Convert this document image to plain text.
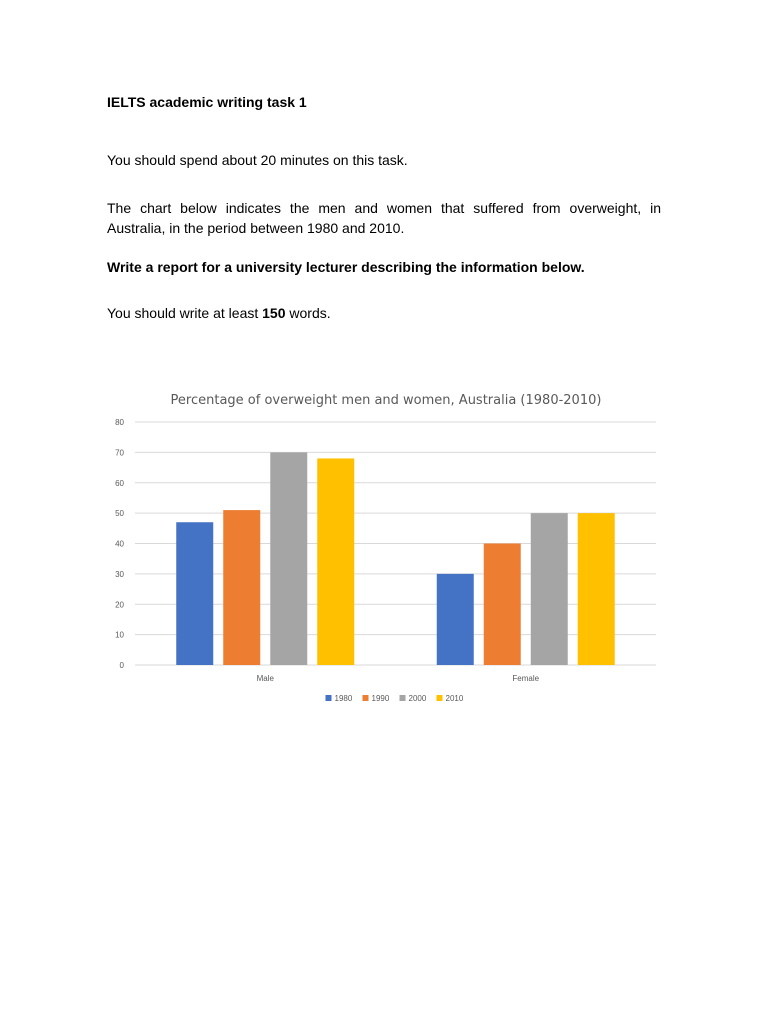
IELTS academic writing task 1

You should spend about 20 minutes on this task.

The chart below indicates the men and women that suffered from overweight, in Australia, in the period between 1980 and 2010.

Write a report for a university lecturer describing the information below.

You should write at least 150 words.

Percentage of overweight men and women, Australia (1980-2010)
0
10
20
30
40
50
60
70
80
Male	Female
1980 1990 2000 2010
